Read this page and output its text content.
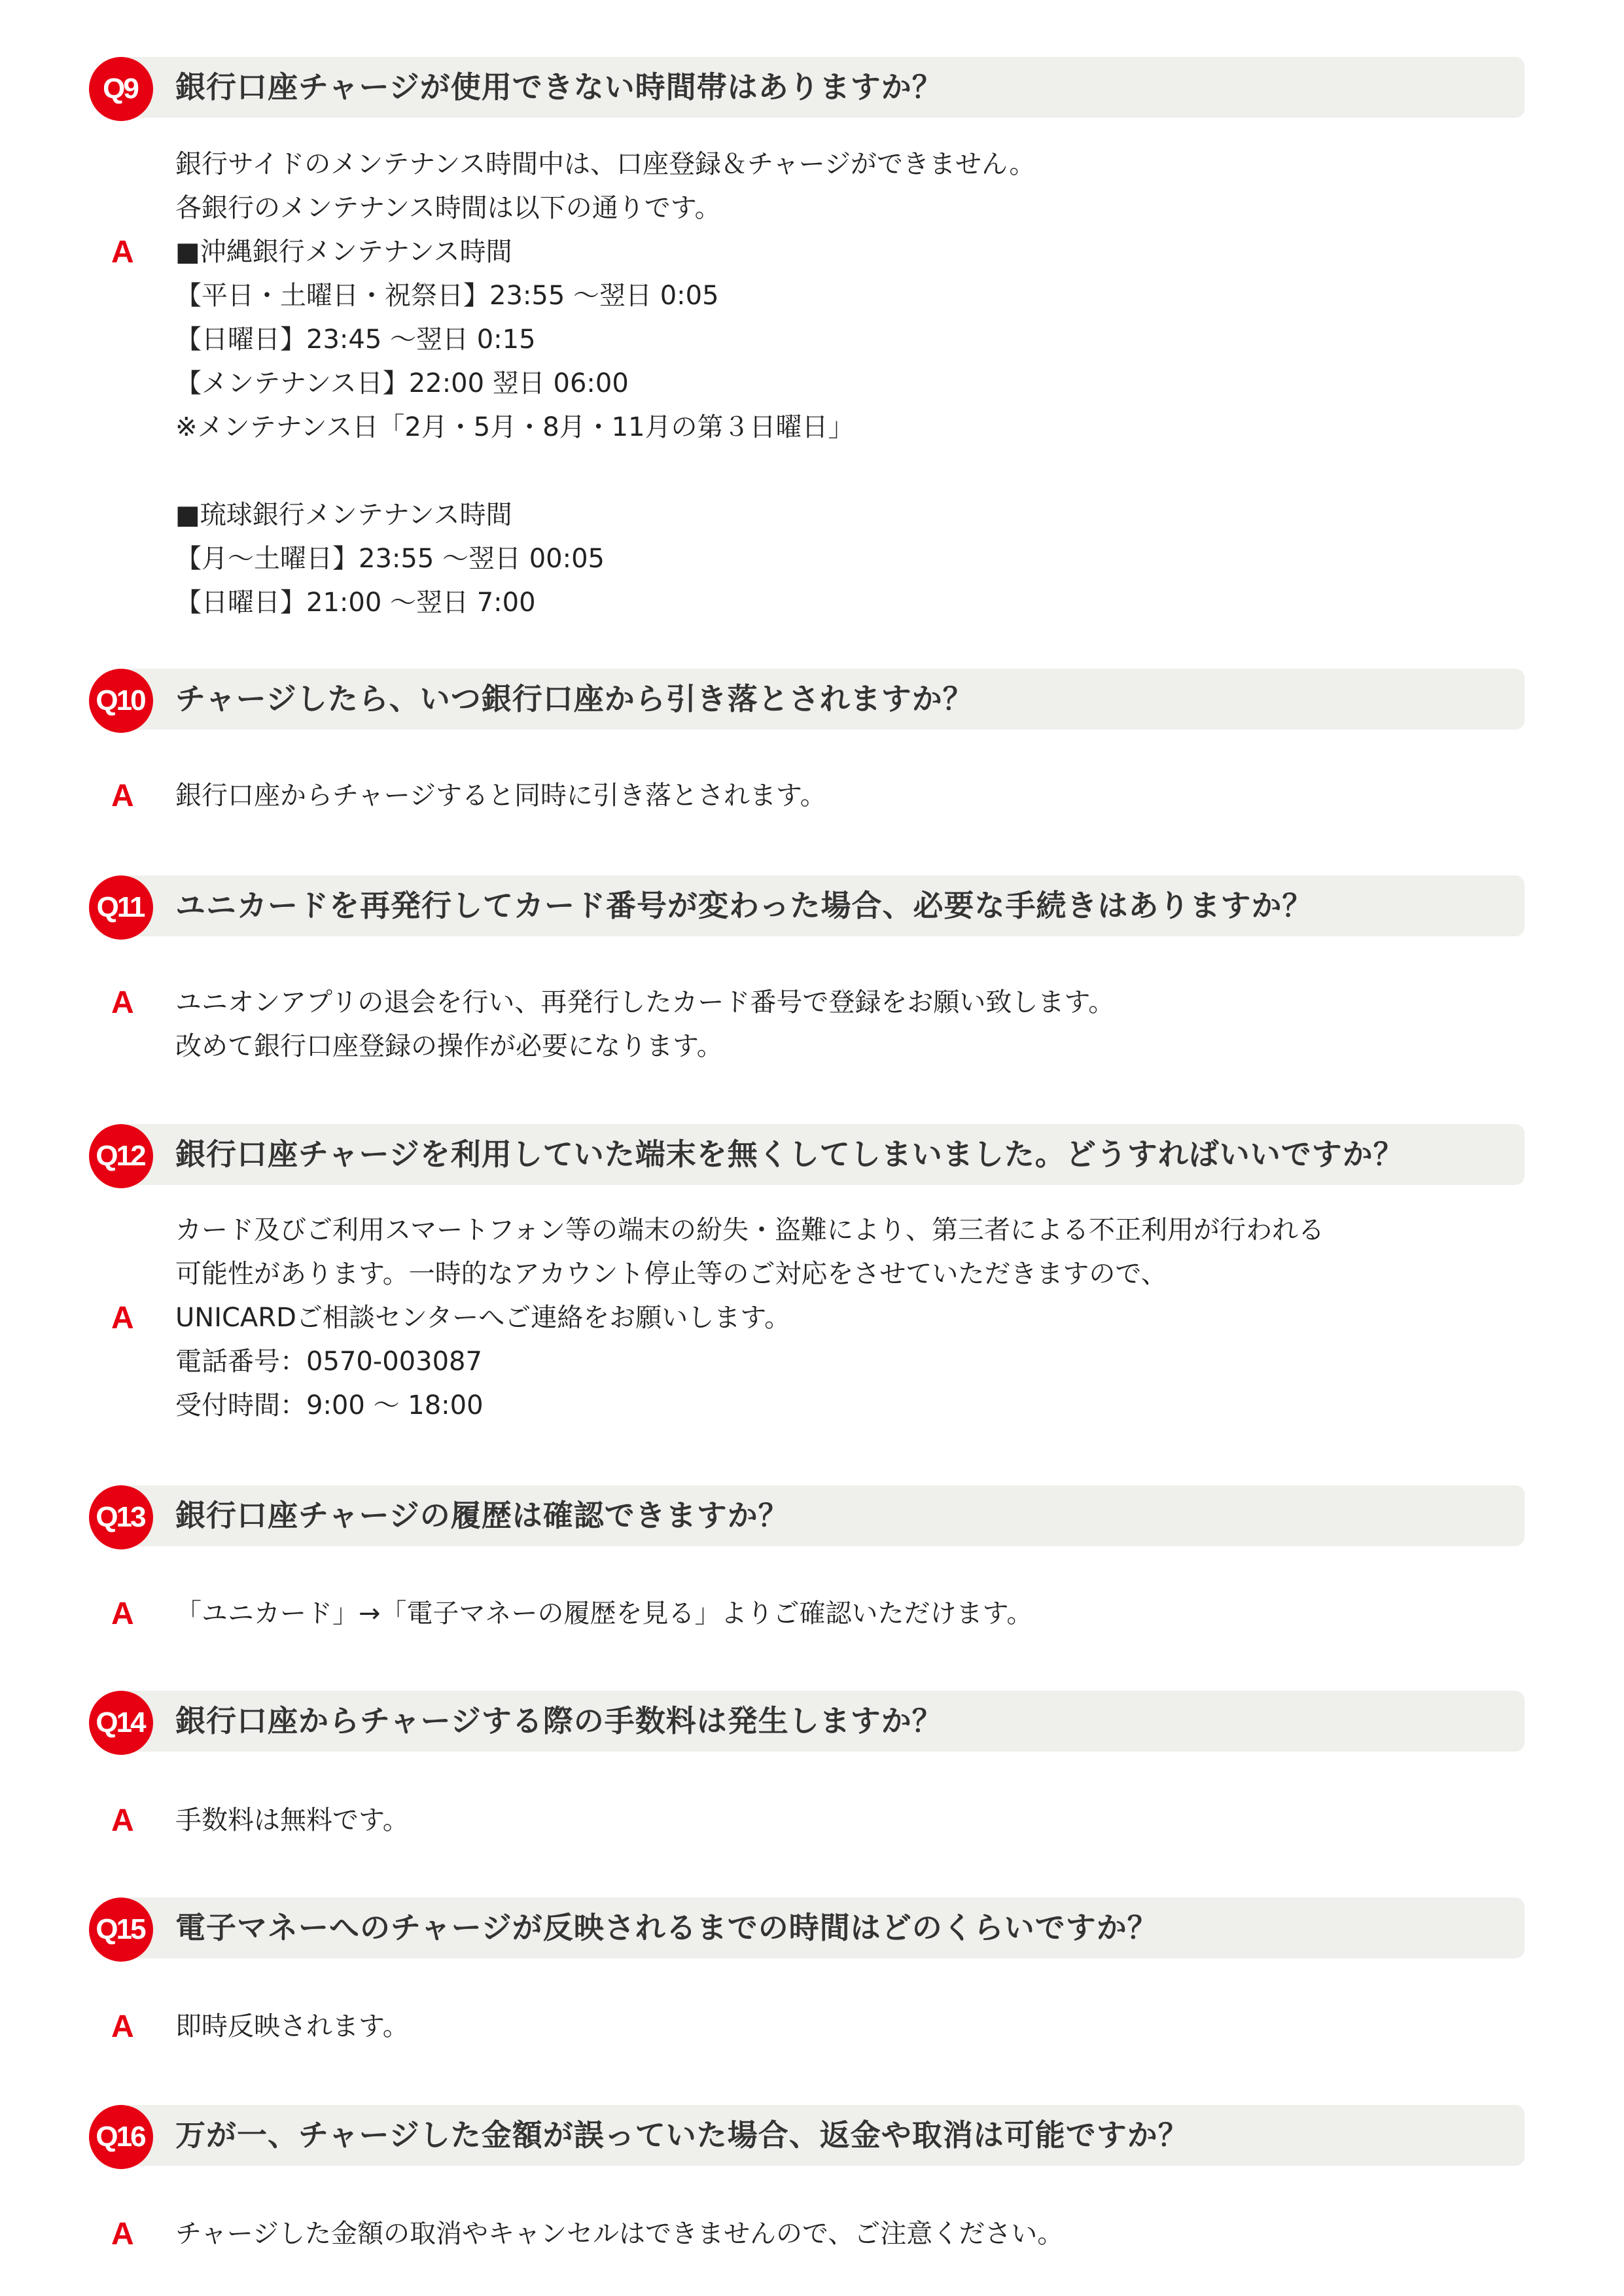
銀行口座チャージが使用できない時間帯はありますか？
Q9
A
銀行サイドのメンテナンス時間中は、口座登録＆チャージができません。
各銀行のメンテナンス時間は以下の通りです。
■沖縄銀行メンテナンス時間
【平日・土曜日・祝祭日】23:55 ～翌日 0:05
【日曜日】23:45 ～翌日 0:15
【メンテナンス日】22:00 翌日 06:00
※メンテナンス日「2月・5月・8月・11月の第３日曜日」
■琉球銀行メンテナンス時間
【月～土曜日】23:55 ～翌日 00:05
【日曜日】21:00 ～翌日 7:00
チャージしたら、いつ銀行口座から引き落とされますか？
Q10
A 銀行口座からチャージすると同時に引き落とされます。
ユニカードを再発行してカード番号が変わった場合、必要な手続きはありますか？
Q11
A ユニオンアプリの退会を行い、再発行したカード番号で登録をお願い致します。
改めて銀行口座登録の操作が必要になります。
銀行口座チャージを利用していた端末を無くしてしまいました。どうすればいいですか？
Q12
A
カード及びご利用スマートフォン等の端末の紛失・盗難により、第三者による不正利用が行われる
可能性があります。一時的なアカウント停止等のご対応をさせていただきますので、
UNICARDご相談センターへご連絡をお願いします。
電話番号：0570-003087
受付時間：9:00 ～ 18:00
銀行口座チャージの履歴は確認できますか？
Q13
A 「ユニカード」→「電子マネーの履歴を見る」よりご確認いただけます。
銀行口座からチャージする際の手数料は発生しますか？
Q14
A 手数料は無料です。
電子マネーへのチャージが反映されるまでの時間はどのくらいですか？
Q15
A 即時反映されます。
万が一、チャージした金額が誤っていた場合、返金や取消は可能ですか？
Q16
A チャージした金額の取消やキャンセルはできませんので、ご注意ください。
